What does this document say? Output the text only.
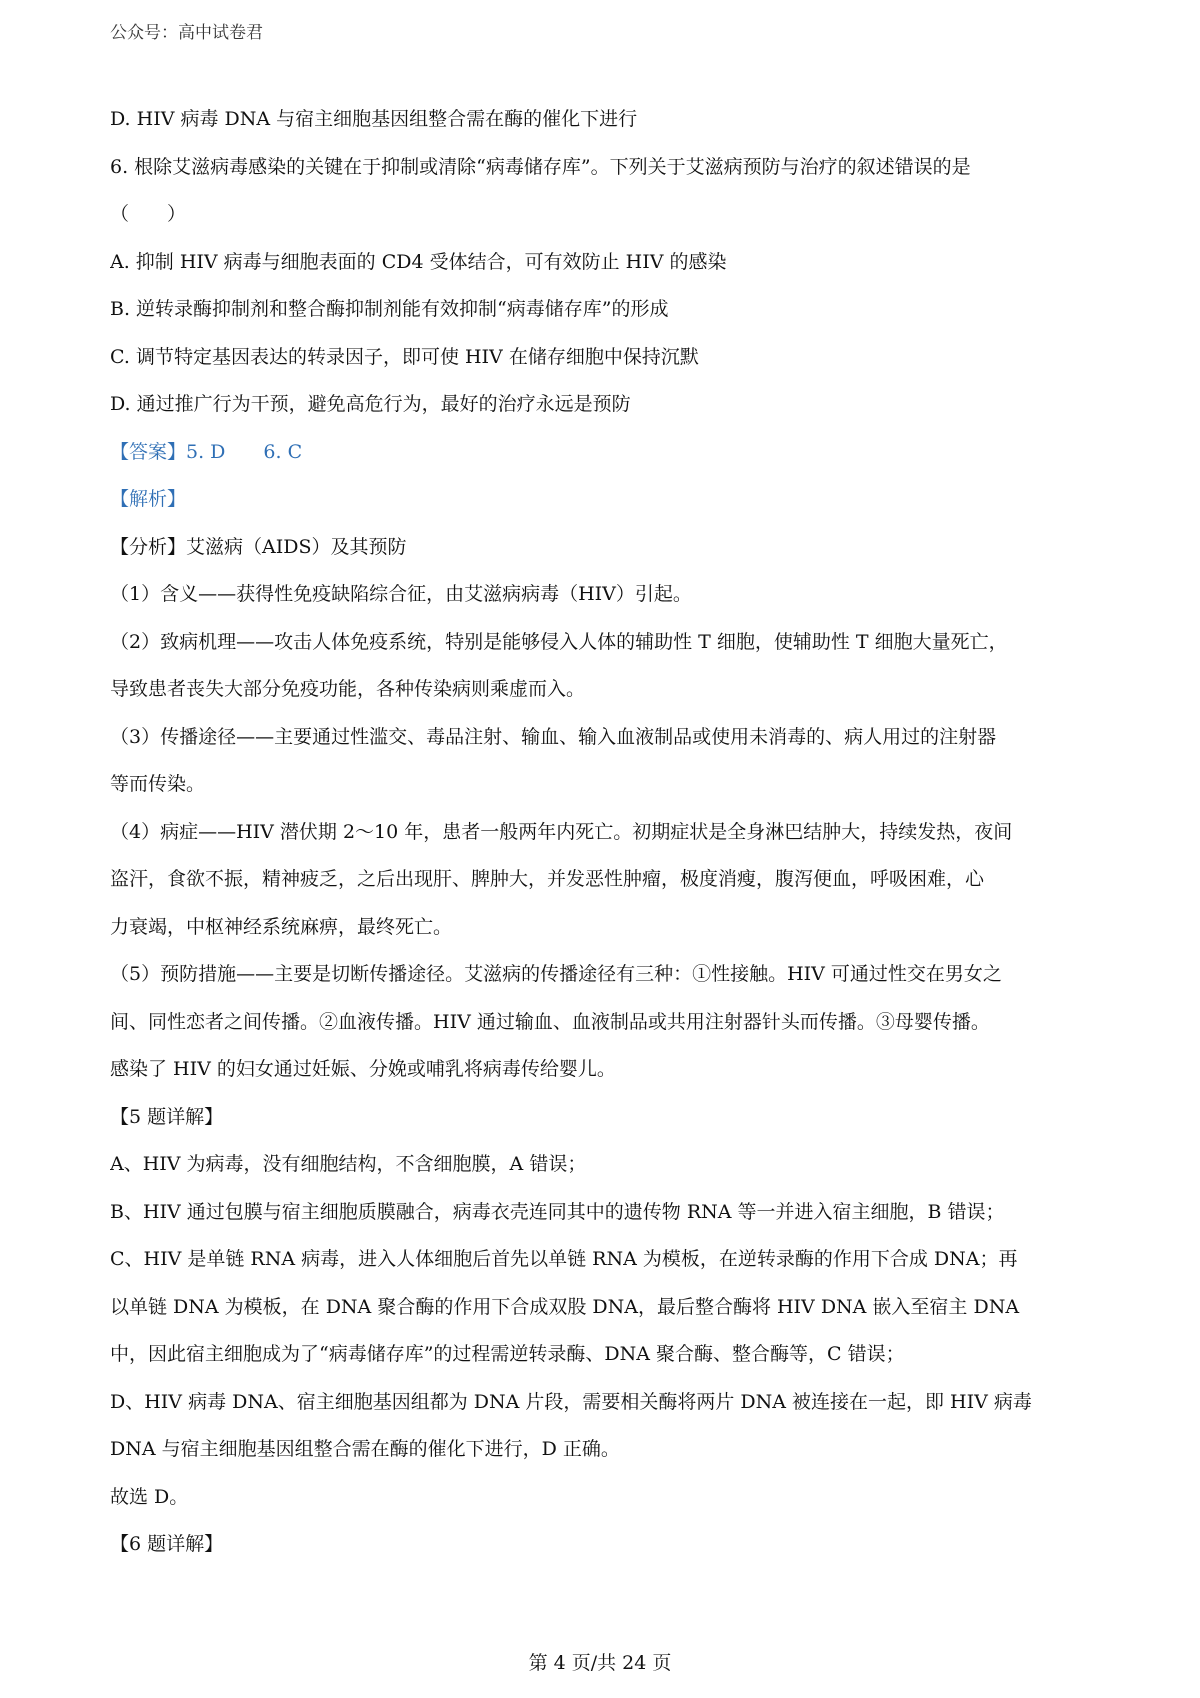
公众号：高中试卷君
D. HIV 病毒 DNA 与宿主细胞基因组整合需在酶的催化下进行
6. 根除艾滋病毒感染的关键在于抑制或清除“病毒储存库”。下列关于艾滋病预防与治疗的叙述错误的是
（　　）
A. 抑制 HIV 病毒与细胞表面的 CD4 受体结合，可有效防止 HIV 的感染
B. 逆转录酶抑制剂和整合酶抑制剂能有效抑制“病毒储存库”的形成
C. 调节特定基因表达的转录因子，即可使 HIV 在储存细胞中保持沉默
D. 通过推广行为干预，避免高危行为，最好的治疗永远是预防
【答案】5. D　　6. C
【解析】
【分析】艾滋病（AIDS）及其预防
（1）含义——获得性免疫缺陷综合征，由艾滋病病毒（HIV）引起。
（2）致病机理——攻击人体免疫系统，特别是能够侵入人体的辅助性 T 细胞，使辅助性 T 细胞大量死亡，
导致患者丧失大部分免疫功能，各种传染病则乘虚而入。
（3）传播途径——主要通过性滥交、毒品注射、输血、输入血液制品或使用未消毒的、病人用过的注射器
等而传染。
（4）病症——HIV 潜伏期 2～10 年，患者一般两年内死亡。初期症状是全身淋巴结肿大，持续发热，夜间
盗汗，食欲不振，精神疲乏，之后出现肝、脾肿大，并发恶性肿瘤，极度消瘦，腹泻便血，呼吸困难，心
力衰竭，中枢神经系统麻痹，最终死亡。
（5）预防措施——主要是切断传播途径。艾滋病的传播途径有三种：①性接触。HIV 可通过性交在男女之
间、同性恋者之间传播。②血液传播。HIV 通过输血、血液制品或共用注射器针头而传播。③母婴传播。
感染了 HIV 的妇女通过妊娠、分娩或哺乳将病毒传给婴儿。
【5 题详解】
A、HIV 为病毒，没有细胞结构，不含细胞膜，A 错误；
B、HIV 通过包膜与宿主细胞质膜融合，病毒衣壳连同其中的遗传物 RNA 等一并进入宿主细胞，B 错误；
C、HIV 是单链 RNA 病毒，进入人体细胞后首先以单链 RNA 为模板，在逆转录酶的作用下合成 DNA；再
以单链 DNA 为模板，在 DNA 聚合酶的作用下合成双股 DNA，最后整合酶将 HIV DNA 嵌入至宿主 DNA
中，因此宿主细胞成为了“病毒储存库”的过程需逆转录酶、DNA 聚合酶、整合酶等，C 错误；
D、HIV 病毒 DNA、宿主细胞基因组都为 DNA 片段，需要相关酶将两片 DNA 被连接在一起，即 HIV 病毒
DNA 与宿主细胞基因组整合需在酶的催化下进行，D 正确。
故选 D。
【6 题详解】
第 4 页/共 24 页
